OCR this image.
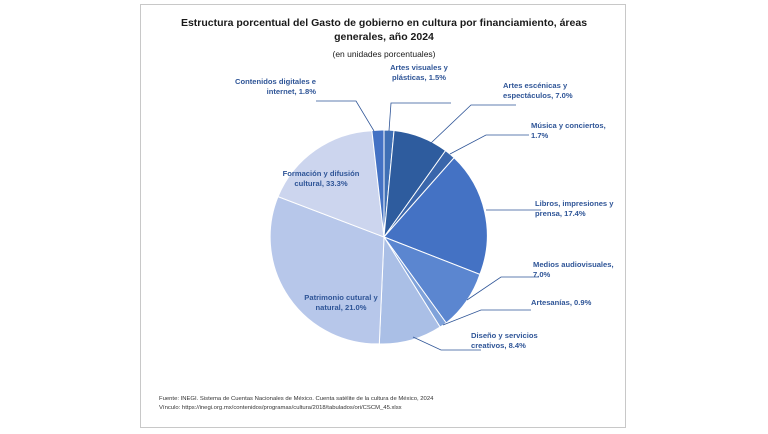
Estructura porcentual del Gasto de gobierno en cultura por financiamiento, áreas generales, año 2024
(en unidades porcentuales)
Artes escénicas y
espectáculos, 7.0%
Artes visuales y
plásticas, 1.5%
Música y conciertos,
1.7%
Libros, impresiones y
prensa, 17.4%
Medios audiovisuales,
7.0%
Artesanías, 0.9%
Diseño y servicios
creativos, 8.4%
Patrimonio cutural y
natural, 21.0%
Formación y difusión
cultural, 33.3%
Contenidos digitales e
internet, 1.8%
Fuente: INEGI. Sistema de Cuentas Nacionales de México. Cuenta satélite de la cultura de México, 2024
Vínculo: https://inegi.org.mx/contenidos/programas/cultura/2018/tabulados/ori/CSCM_45.xlsx
